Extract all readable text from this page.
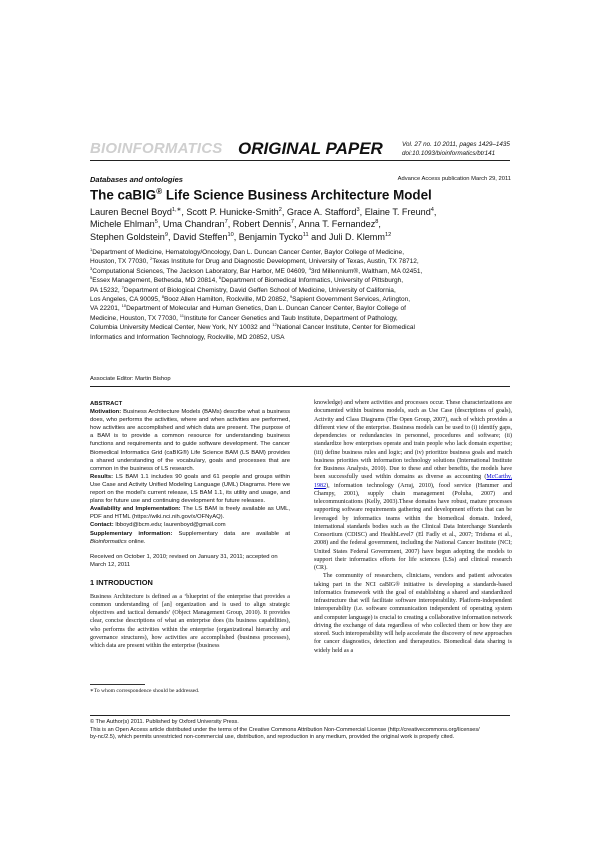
BIOINFORMATICS ORIGINAL PAPER	Vol. 27 no. 10 2011, pages 1429–1435
doi:10.1093/bioinformatics/btr141
Databases and ontologies	Advance Access publication March 29, 2011
The caBIG® Life Science Business Architecture Model
Lauren Becnel Boyd$^{1,∗}$, Scott P. Hunicke-Smith$^2$, Grace A. Stafford$^3$, Elaine T. Freund$^4$,
Michele Ehlman$^5$, Uma Chandran$^7$, Robert Dennis$^7$, Anna T. Fernandez$^8$,
Stephen Goldstein$^9$, David Steffen$^{10}$, Benjamin Tycko$^{11}$ and Juli D. Klemm$^{12}$
$^1$Department of Medicine, Hematology/Oncology, Dan L. Duncan Cancer Center, Baylor College of Medicine,
Houston, TX 77030, $^2$Texas Institute for Drug and Diagnostic Development, University of Texas, Austin, TX 78712,
$^3$Computational Sciences, The Jackson Laboratory, Bar Harbor, ME 04609, $^4$3rd Millennium®, Waltham, MA 02451,
$^5$Essex Management, Bethesda, MD 20814, $^6$Department of Biomedical Informatics, University of Pittsburgh,
PA 15232, $^7$Department of Biological Chemistry, David Geffen School of Medicine, University of California,
Los Angeles, CA 90095, $^8$Booz Allen Hamilton, Rockville, MD 20852, $^9$Sapient Government Services, Arlington,
VA 22201, $^{10}$Department of Molecular and Human Genetics, Dan L. Duncan Cancer Center, Baylor College of
Medicine, Houston, TX 77030, $^{11}$Institute for Cancer Genetics and Taub Institute, Department of Pathology,
Columbia University Medical Center, New York, NY 10032 and $^{12}$National Cancer Institute, Center for Biomedical
Informatics and Information Technology, Rockville, MD 20852, USA
Associate Editor: Martin Bishop
ABSTRACT

Motivation: Business Architecture Models (BAMs) describe what a business does, who performs the activities, where and when activities are performed, how activities are accomplished and which data are present. The purpose of a BAM is to provide a common resource for understanding business functions and requirements and to guide software development. The cancer Biomedical Informatics Grid (caBIG®) Life Science BAM (LS BAM) provides a shared understanding of the vocabulary, goals and processes that are common in the business of LS research.

Results: LS BAM 1.1 includes 90 goals and 61 people and groups within Use Case and Activity Unified Modeling Language (UML) Diagrams. Here we report on the model's current release, LS BAM 1.1, its utility and usage, and plans for future use and continuing development for future releases.

Availability and Implementation: The LS BAM is freely available as UML, PDF and HTML (https://wiki.nci.nih.gov/x/OFNyAQ).

Contact: lbboyd@bcm.edu; laurenboyd@gmail.com

Supplementary information: Supplementary data are available at Bioinformatics online.

Received on October 1, 2010; revised on January 31, 2011; accepted on March 12, 2011

1 INTRODUCTION

Business Architecture is defined as a ‘blueprint of the enterprise that provides a common understanding of [an] organization and is used to align strategic objectives and tactical demands’ (Object Management Group, 2010). It provides clear, concise descriptions of what an enterprise does (its business capabilities), who performs the activities within the enterprise (organizational hierarchy and governance structures), how activities are accomplished (business processes), which data are present within the enterprise (business

knowledge) and where activities and processes occur. These characterizations are documented within business models, such as Use Case (descriptions of goals), Activity and Class Diagrams (The Open Group, 2007), each of which provides a different view of the enterprise. Business models can be used to (i) identify gaps, dependencies or redundancies in personnel, procedures and software; (ii) standardize how enterprises operate and train people who lack domain expertise; (iii) define business rules and logic; and (iv) prioritize business goals and match business priorities with information technology solutions (International Institute for Business Analysis, 2010). Due to these and other benefits, the models have been successfully used within domains as diverse as accounting (McCarthy, 1982), information technology (Arraj, 2010), food service (Hammer and Champy, 2001), supply chain management (Poluha, 2007) and telecommunications (Kelly, 2003).These domains have robust, mature processes supporting software requirements gathering and development efforts that can be leveraged by informatics teams within the biomedical domain. Indeed, international standards bodies such as the Clinical Data Interchange Standards Consortium (CDISC) and HealthLevel7 (El Fadly et al., 2007; Tridsma et al., 2008) and the federal government, including the National Cancer Institute (NCI; United States Federal Government, 2007) have begun adopting the models to support their informatics efforts for life sciences (LSs) and clinical research (CR).

The community of researchers, clinicians, vendors and patient advocates taking part in the NCI caBIG® initiative is developing a standards-based informatics framework with the goal of establishing a shared and standardized infrastructure that will facilitate software interoperability. Platform-independent interoperability (i.e. software communication independent of operating system and computer language) is crucial to creating a collaborative information network driving the exchange of data regardless of who collected them or how they are stored. Such interoperability will help accelerate the discovery of new approaches for cancer diagnostics, detection and therapeutics. Biomedical data sharing is widely held as a

∗To whom correspondence should be addressed.
© The Author(s) 2011. Published by Oxford University Press.
This is an Open Access article distributed under the terms of the Creative Commons Attribution Non-Commercial License (http://creativecommons.org/licenses/
by-nc/2.5), which permits unrestricted non-commercial use, distribution, and reproduction in any medium, provided the original work is properly cited.
